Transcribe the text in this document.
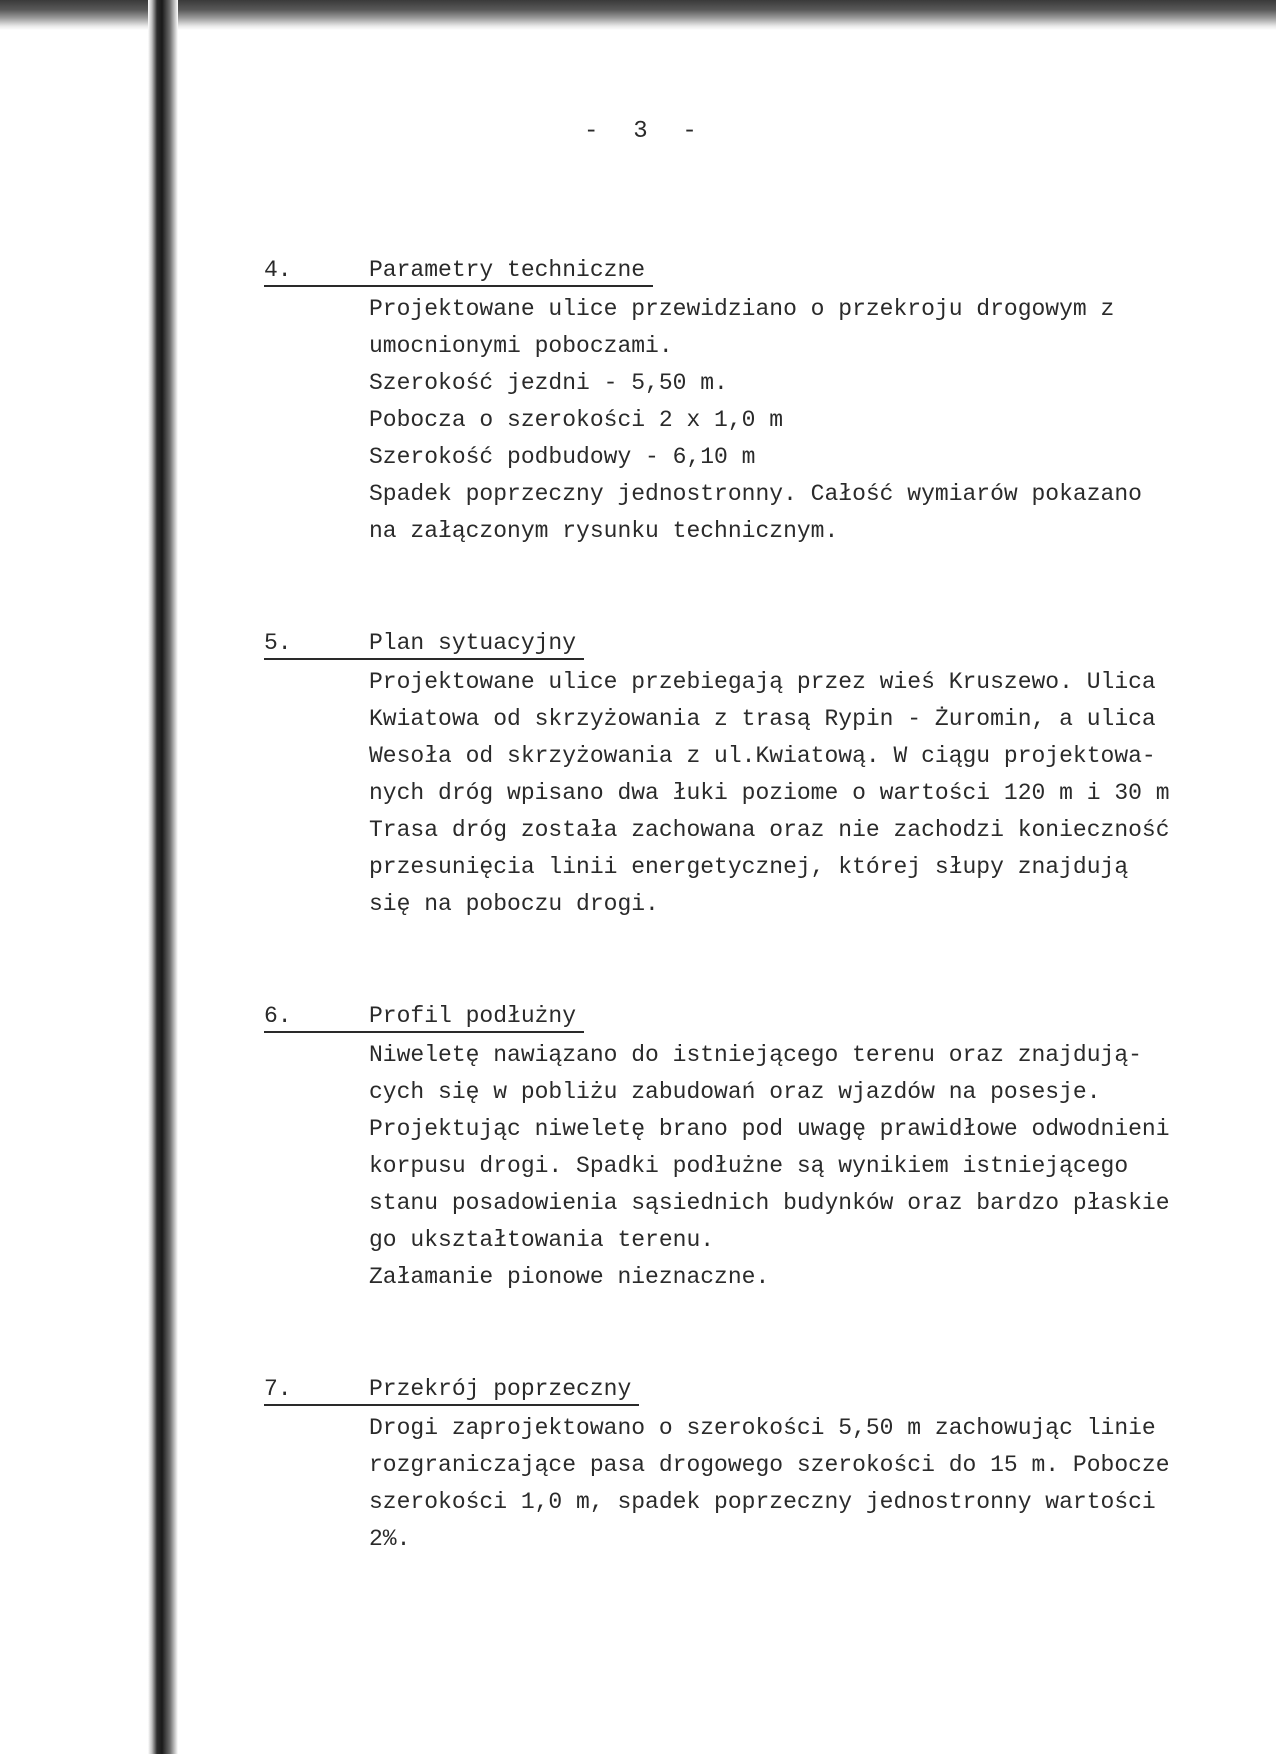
-  3  -
4.	Parametry techniczne

Projektowane ulice przewidziano o przekroju drogowym z

umocnionymi poboczami.

Szerokość jezdni - 5,50 m.

Pobocza o szerokości 2 x 1,0 m

Szerokość podbudowy - 6,10 m

Spadek poprzeczny jednostronny. Całość wymiarów pokazano

na załączonym rysunku technicznym.

5.	Plan sytuacyjny

Projektowane ulice przebiegają przez wieś Kruszewo. Ulica

Kwiatowa od skrzyżowania z trasą Rypin - Żuromin, a ulica

Wesoła od skrzyżowania z ul.Kwiatową. W ciągu projektowa-

nych dróg wpisano dwa łuki poziome o wartości 120 m i 30 m

Trasa dróg została zachowana oraz nie zachodzi konieczność

przesunięcia linii energetycznej, której słupy znajdują

się na poboczu drogi.

6.	Profil podłużny

Niweletę nawiązano do istniejącego terenu oraz znajdują-

cych się w pobliżu zabudowań oraz wjazdów na posesje.

Projektując niweletę brano pod uwagę prawidłowe odwodnieni

korpusu drogi. Spadki podłużne są wynikiem istniejącego

stanu posadowienia sąsiednich budynków oraz bardzo płaskie

go ukształtowania terenu.

Załamanie pionowe nieznaczne.

7.	Przekrój poprzeczny

Drogi zaprojektowano o szerokości 5,50 m zachowując linie

rozgraniczające pasa drogowego szerokości do 15 m. Pobocze

szerokości 1,0 m, spadek poprzeczny jednostronny wartości

2%.
